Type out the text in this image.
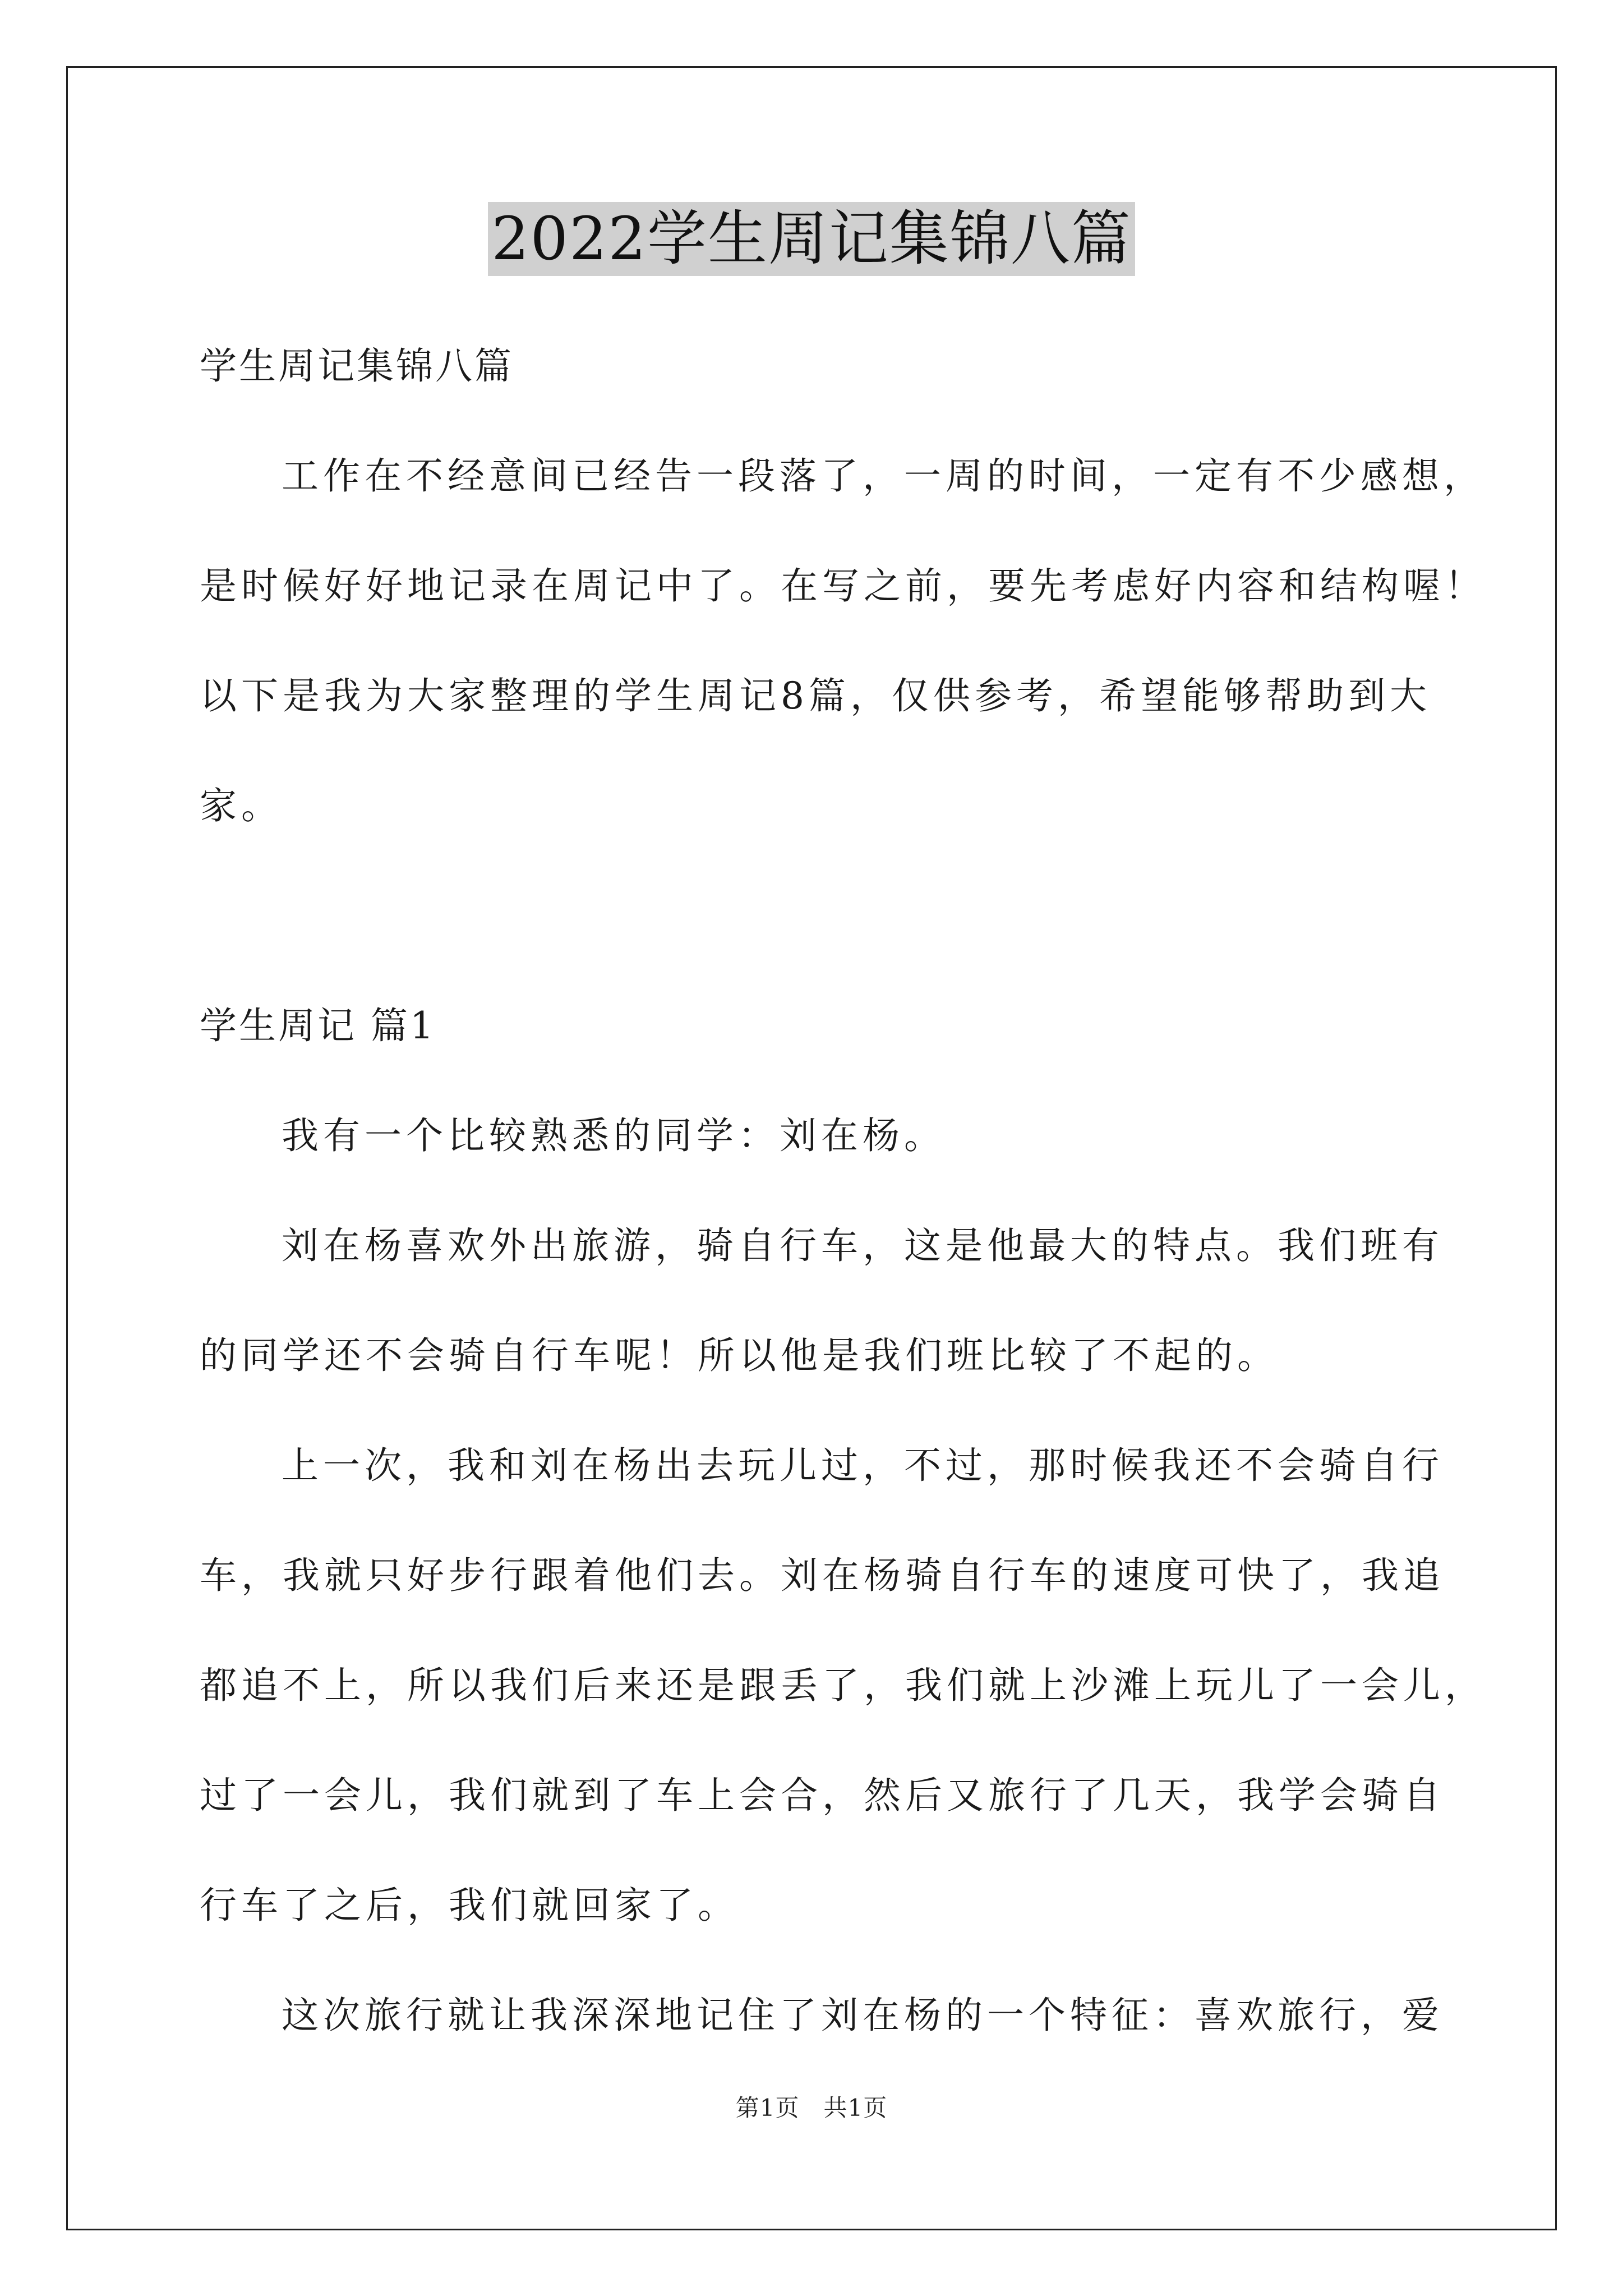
2022学生周记集锦八篇
学生周记集锦八篇
工作在不经意间已经告一段落了，一周的时间，一定有不少感想，
是时候好好地记录在周记中了。在写之前，要先考虑好内容和结构喔！
以下是我为大家整理的学生周记8篇，仅供参考，希望能够帮助到大
家。
学生周记 篇1
我有一个比较熟悉的同学：刘在杨。
刘在杨喜欢外出旅游，骑自行车，这是他最大的特点。我们班有
的同学还不会骑自行车呢！所以他是我们班比较了不起的。
上一次，我和刘在杨出去玩儿过，不过，那时候我还不会骑自行
车，我就只好步行跟着他们去。刘在杨骑自行车的速度可快了，我追
都追不上，所以我们后来还是跟丢了，我们就上沙滩上玩儿了一会儿，
过了一会儿，我们就到了车上会合，然后又旅行了几天，我学会骑自
行车了之后，我们就回家了。
这次旅行就让我深深地记住了刘在杨的一个特征：喜欢旅行，爱
第1页　共1页
